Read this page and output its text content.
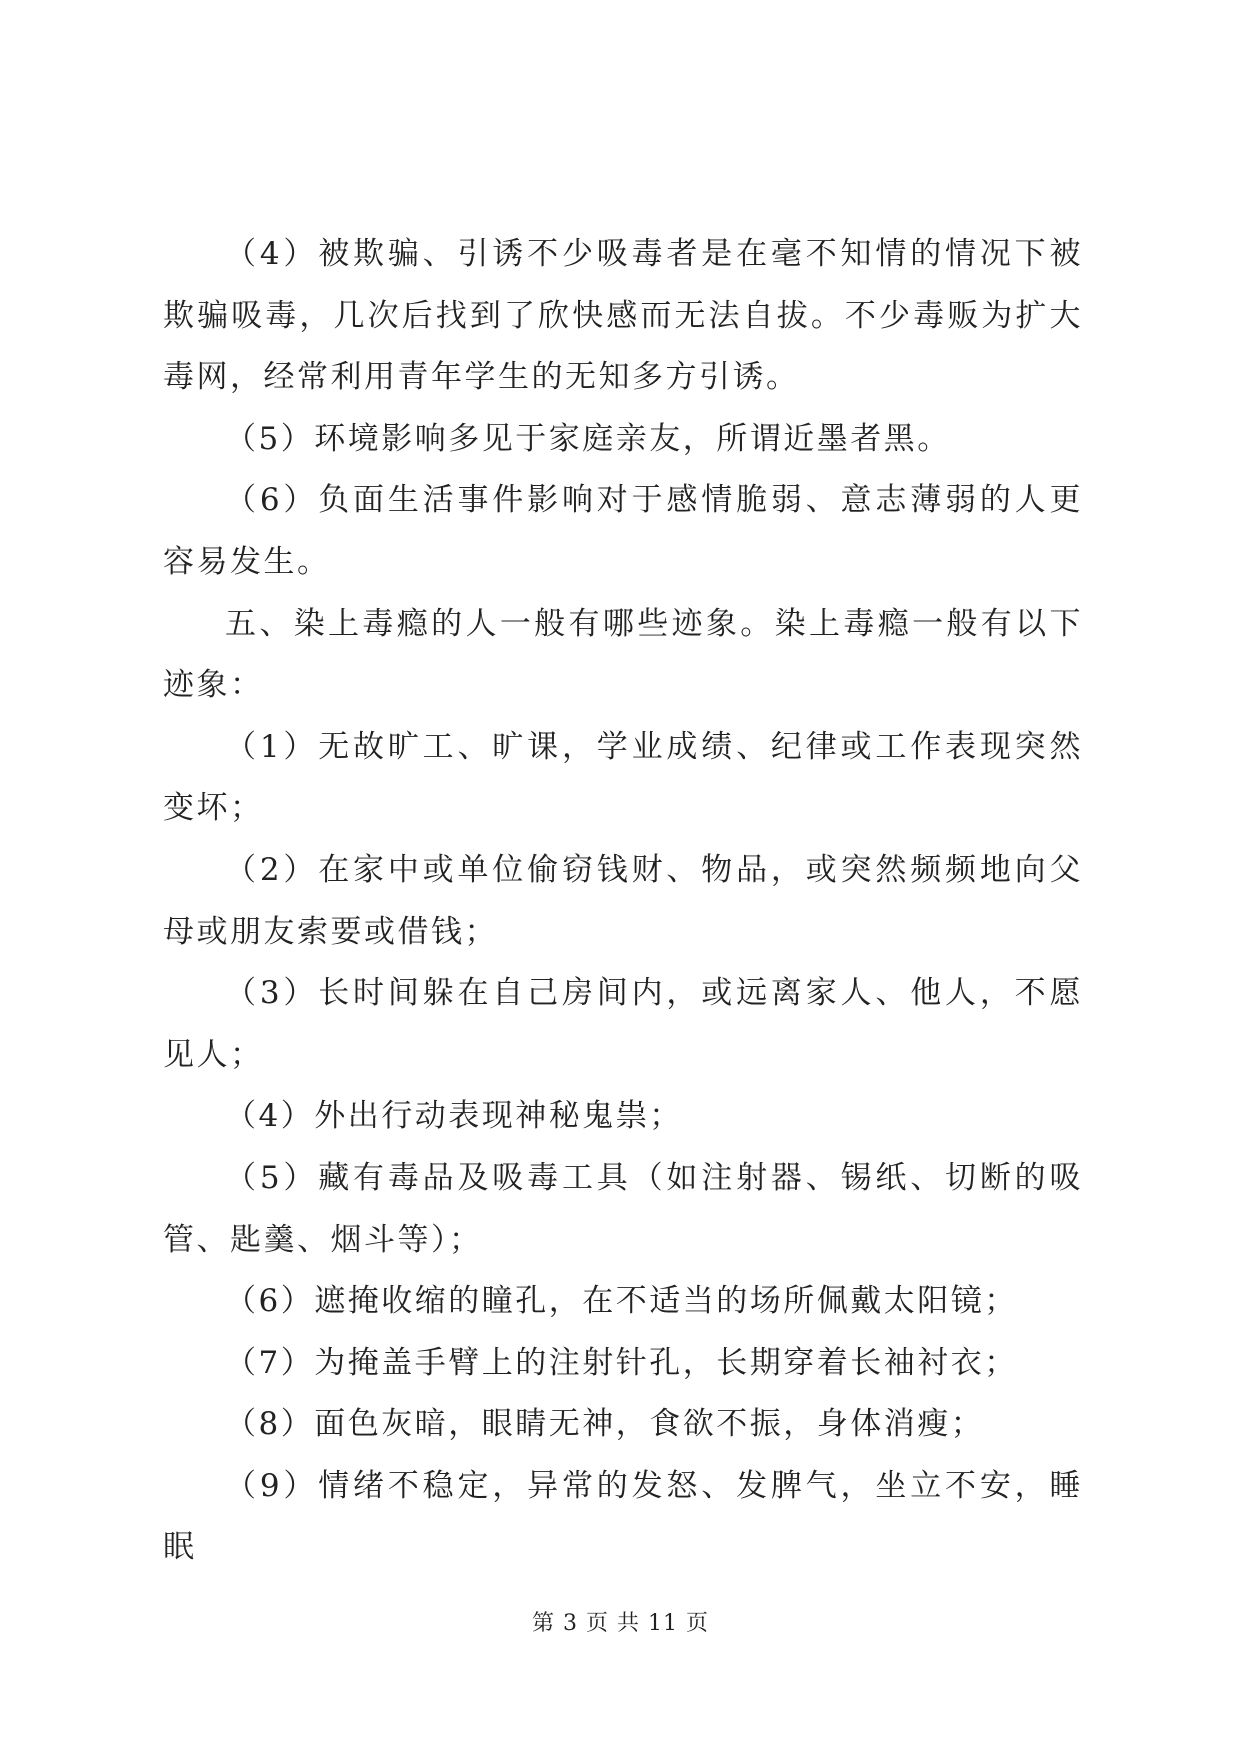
（4）被欺骗、引诱不少吸毒者是在毫不知情的情况下被欺骗吸毒，几次后找到了欣快感而无法自拔。不少毒贩为扩大毒网，经常利用青年学生的无知多方引诱。

（5）环境影响多见于家庭亲友，所谓近墨者黑。

（6）负面生活事件影响对于感情脆弱、意志薄弱的人更容易发生。

五、染上毒瘾的人一般有哪些迹象。染上毒瘾一般有以下迹象：

（1）无故旷工、旷课，学业成绩、纪律或工作表现突然变坏；

（2）在家中或单位偷窃钱财、物品，或突然频频地向父母或朋友索要或借钱；

（3）长时间躲在自己房间内，或远离家人、他人，不愿见人；

（4）外出行动表现神秘鬼祟；

（5）藏有毒品及吸毒工具（如注射器、锡纸、切断的吸管、匙羹、烟斗等）；

（6）遮掩收缩的瞳孔，在不适当的场所佩戴太阳镜；

（7）为掩盖手臂上的注射针孔，长期穿着长袖衬衣；

（8）面色灰暗，眼睛无神，食欲不振，身体消瘦；

（9）情绪不稳定，异常的发怒、发脾气，坐立不安，睡眠

第 3 页 共 11 页
